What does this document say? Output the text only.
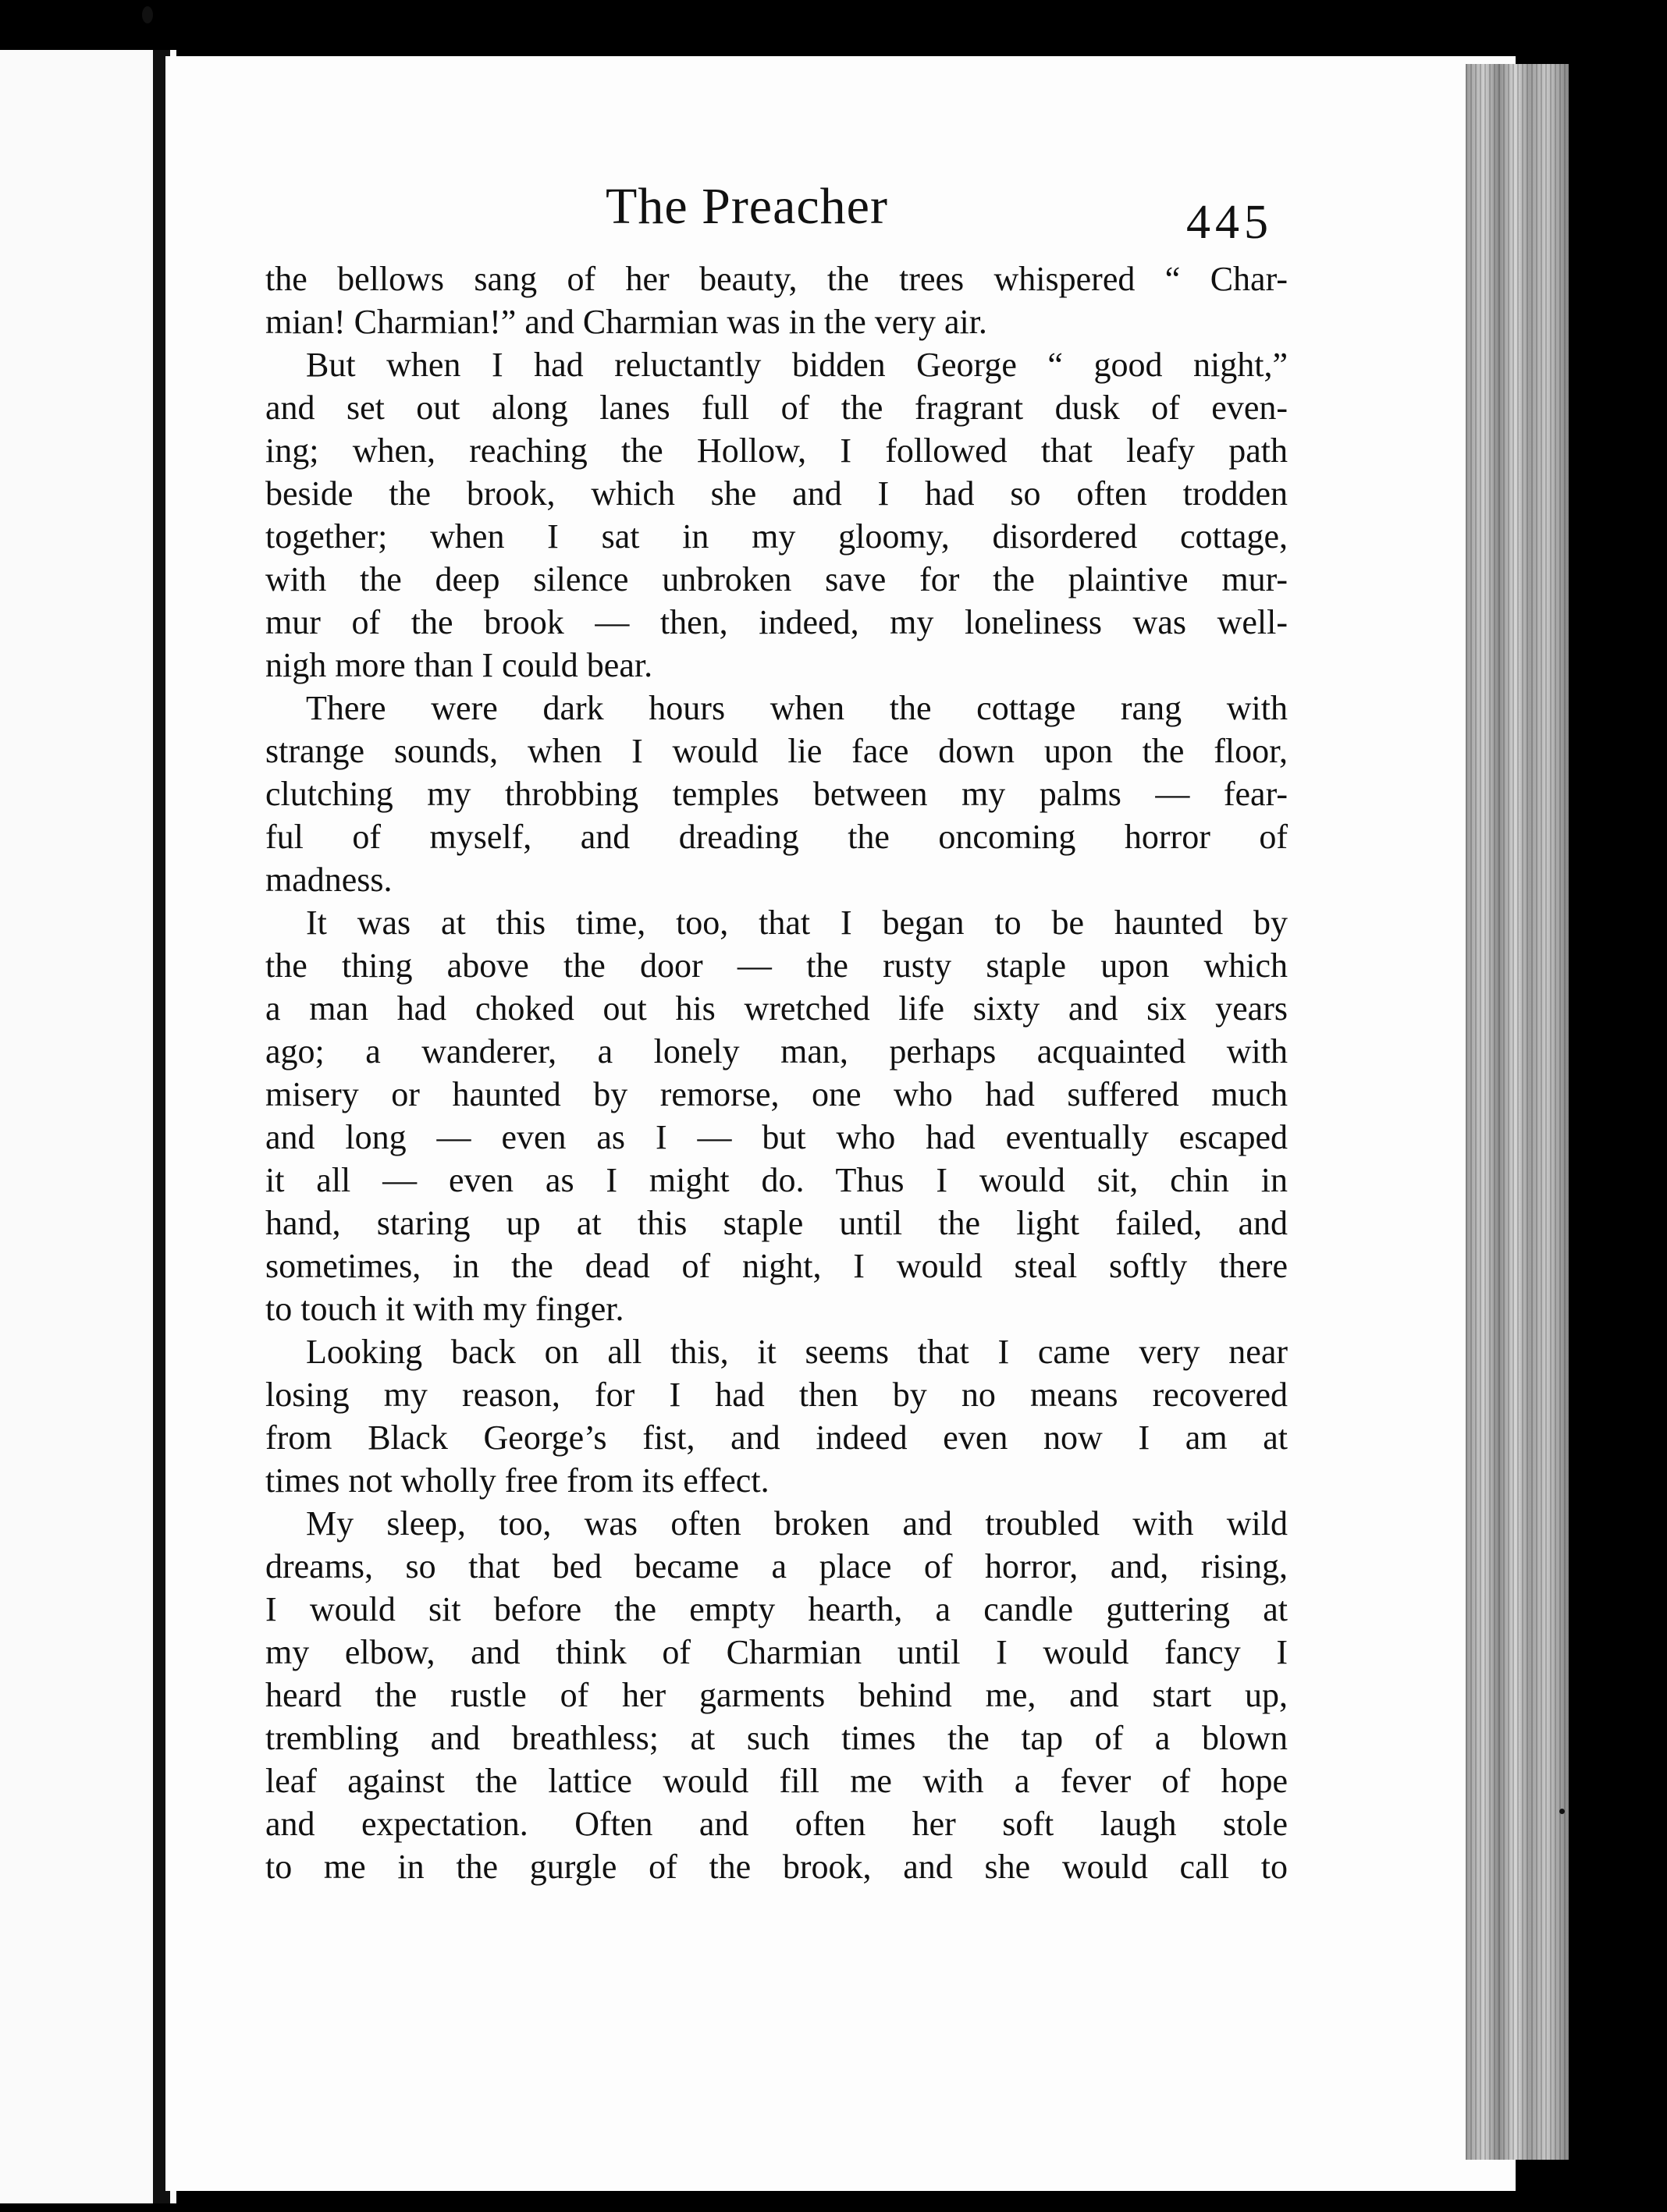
The Preacher	445
the bellows sang of her beauty, the trees whispered “ Char-
mian! Charmian!” and Charmian was in the very air.
But when I had reluctantly bidden George “ good night,”
and set out along lanes full of the fragrant dusk of even-
ing; when, reaching the Hollow, I followed that leafy path
beside the brook, which she and I had so often trodden
together; when I sat in my gloomy, disordered cottage,
with the deep silence unbroken save for the plaintive mur-
mur of the brook — then, indeed, my loneliness was well-
nigh more than I could bear.
There were dark hours when the cottage rang with
strange sounds, when I would lie face down upon the floor,
clutching my throbbing temples between my palms — fear-
ful of myself, and dreading the oncoming horror of
madness.
It was at this time, too, that I began to be haunted by
the thing above the door — the rusty staple upon which
a man had choked out his wretched life sixty and six years
ago; a wanderer, a lonely man, perhaps acquainted with
misery or haunted by remorse, one who had suffered much
and long — even as I — but who had eventually escaped
it all — even as I might do. Thus I would sit, chin in
hand, staring up at this staple until the light failed, and
sometimes, in the dead of night, I would steal softly there
to touch it with my finger.
Looking back on all this, it seems that I came very near
losing my reason, for I had then by no means recovered
from Black George’s fist, and indeed even now I am at
times not wholly free from its effect.
My sleep, too, was often broken and troubled with wild
dreams, so that bed became a place of horror, and, rising,
I would sit before the empty hearth, a candle guttering at
my elbow, and think of Charmian until I would fancy I
heard the rustle of her garments behind me, and start up,
trembling and breathless; at such times the tap of a blown
leaf against the lattice would fill me with a fever of hope
and expectation. Often and often her soft laugh stole
to me in the gurgle of the brook, and she would call to
